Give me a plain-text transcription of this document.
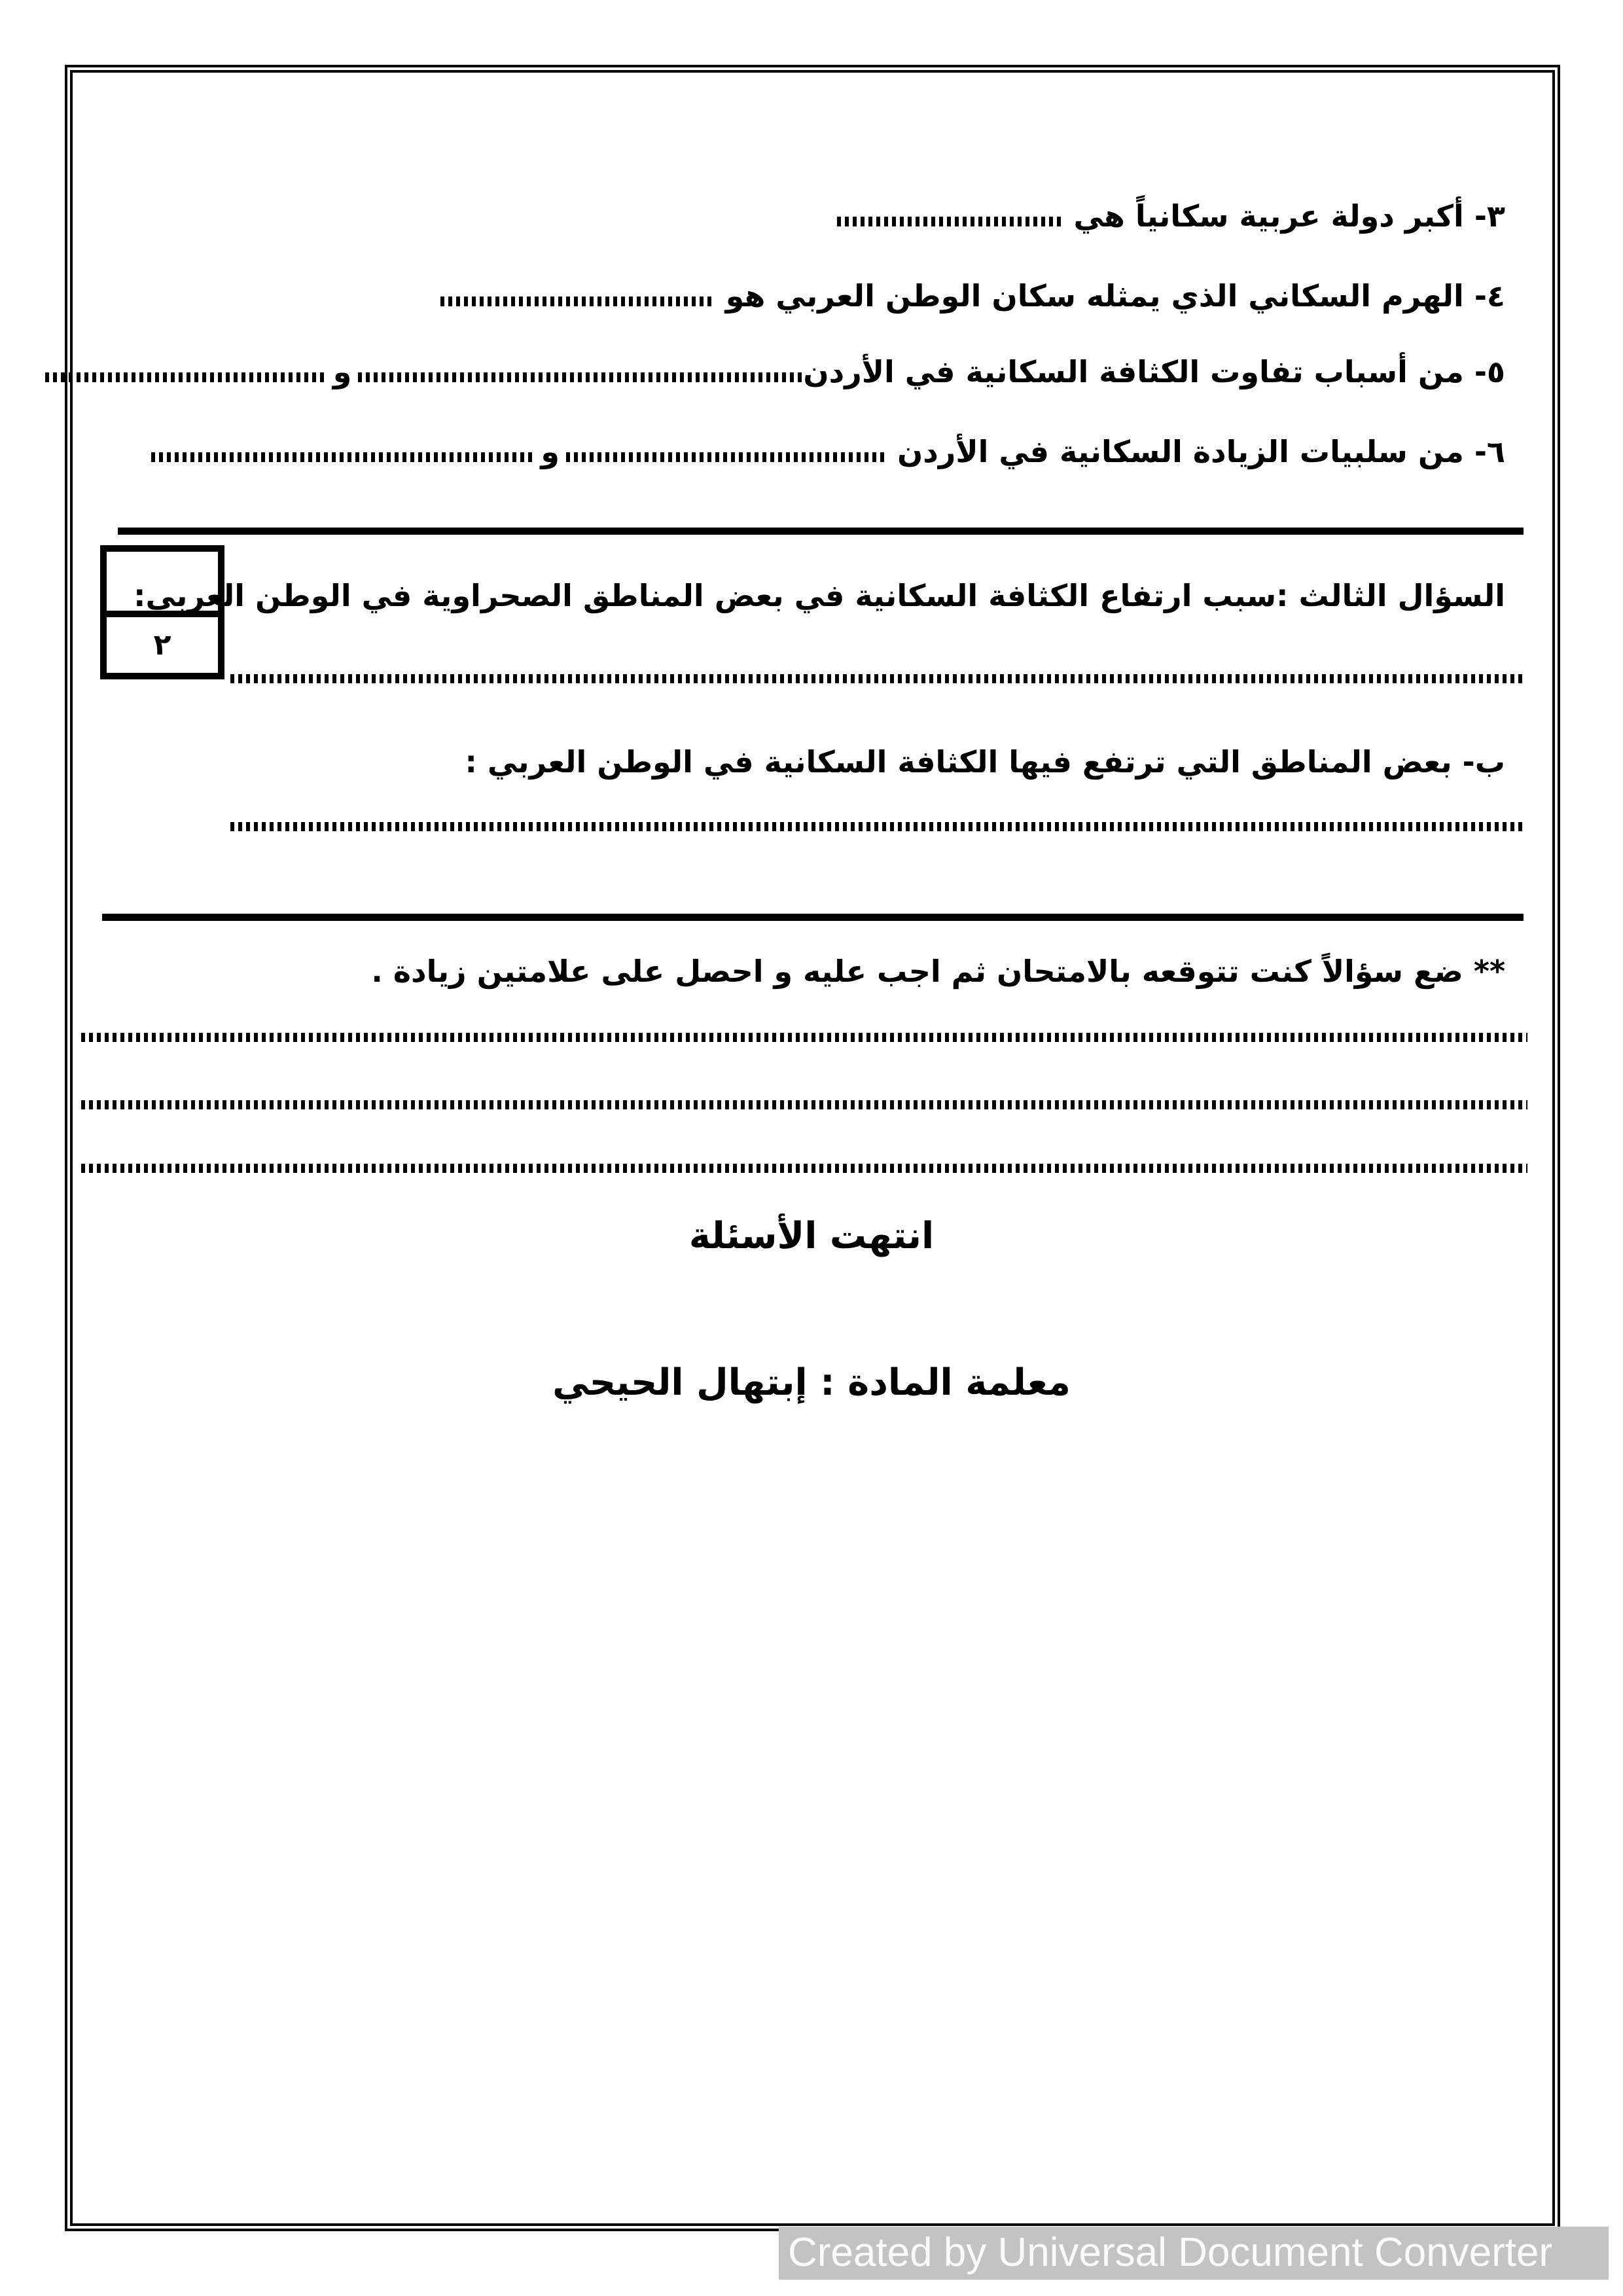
٣- أكبر دولة عربية سكانياً هي
٤- الهرم السكاني الذي يمثله سكان الوطن العربي هو
٥- من أسباب تفاوت الكثافة السكانية في الأردنو
٦- من سلبيات الزيادة السكانية في الأردن و
٢
السؤال الثالث :سبب ارتفاع الكثافة السكانية في بعض المناطق الصحراوية في الوطن العربي:
ب- بعض المناطق التي ترتفع فيها الكثافة السكانية في الوطن العربي :
** ضع سؤالاً كنت تتوقعه بالامتحان ثم اجب عليه و احصل على علامتين زيادة .
انتهت الأسئلة
معلمة المادة : إبتهال الحيحي
Created by Universal Document Converter
